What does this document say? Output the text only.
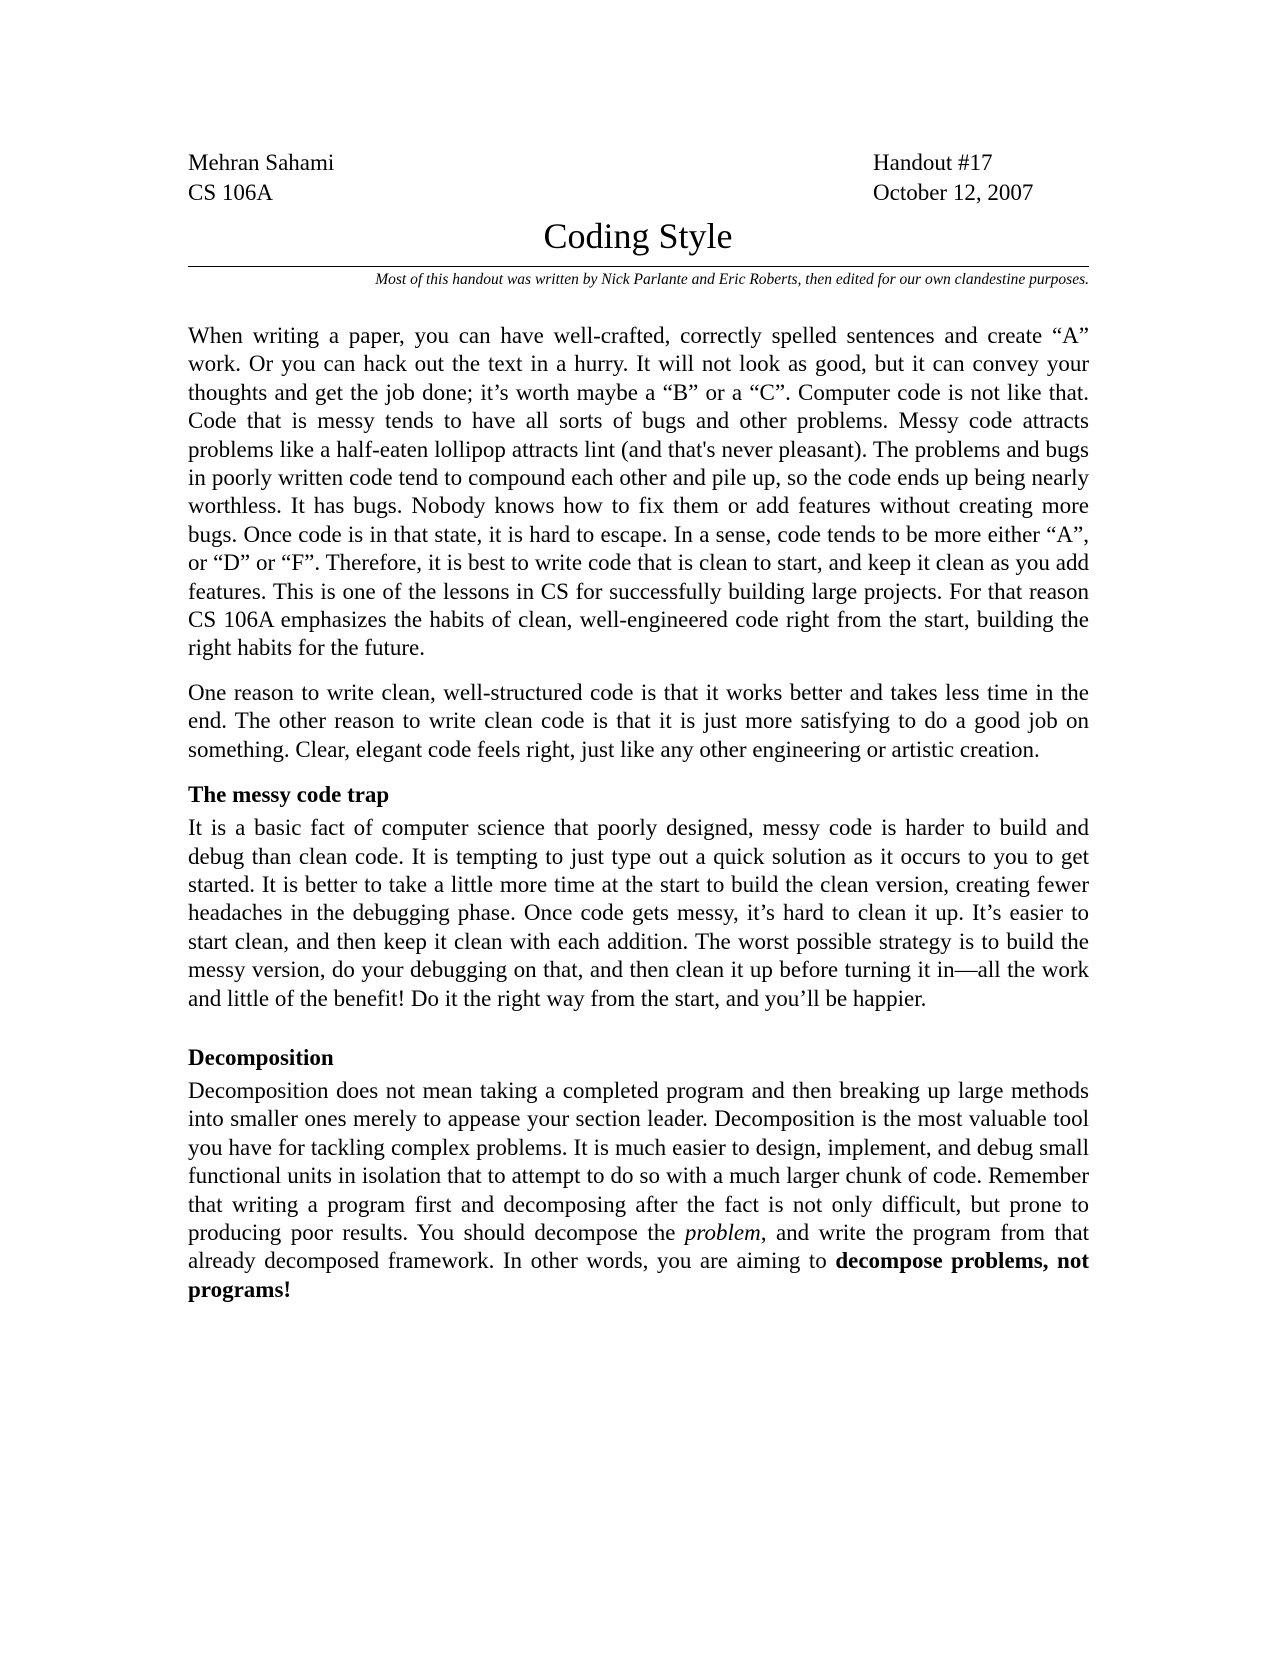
Mehran Sahami
CS 106A
Handout #17
October 12, 2007
Coding Style
Most of this handout was written by Nick Parlante and Eric Roberts, then edited for our own clandestine purposes.

When writing a paper, you can have well-crafted, correctly spelled sentences and create “A” work. Or you can hack out the text in a hurry. It will not look as good, but it can convey your thoughts and get the job done; it’s worth maybe a “B” or a “C”. Computer code is not like that. Code that is messy tends to have all sorts of bugs and other problems. Messy code attracts problems like a half-eaten lollipop attracts lint (and that's never pleasant). The problems and bugs in poorly written code tend to compound each other and pile up, so the code ends up being nearly worthless. It has bugs. Nobody knows how to fix them or add features without creating more bugs. Once code is in that state, it is hard to escape. In a sense, code tends to be more either “A”, or “D” or “F”. Therefore, it is best to write code that is clean to start, and keep it clean as you add features. This is one of the lessons in CS for successfully building large projects. For that reason CS 106A emphasizes the habits of clean, well-engineered code right from the start, building the right habits for the future.

One reason to write clean, well-structured code is that it works better and takes less time in the end. The other reason to write clean code is that it is just more satisfying to do a good job on something. Clear, elegant code feels right, just like any other engineering or artistic creation.

The messy code trap

It is a basic fact of computer science that poorly designed, messy code is harder to build and debug than clean code. It is tempting to just type out a quick solution as it occurs to you to get started. It is better to take a little more time at the start to build the clean version, creating fewer headaches in the debugging phase. Once code gets messy, it’s hard to clean it up. It’s easier to start clean, and then keep it clean with each addition. The worst possible strategy is to build the messy version, do your debugging on that, and then clean it up before turning it in—all the work and little of the benefit! Do it the right way from the start, and you’ll be happier.

Decomposition

Decomposition does not mean taking a completed program and then breaking up large methods into smaller ones merely to appease your section leader. Decomposition is the most valuable tool you have for tackling complex problems. It is much easier to design, implement, and debug small functional units in isolation that to attempt to do so with a much larger chunk of code. Remember that writing a program first and decomposing after the fact is not only difficult, but prone to producing poor results. You should decompose the problem, and write the program from that already decomposed framework. In other words, you are aiming to decompose problems, not programs!
